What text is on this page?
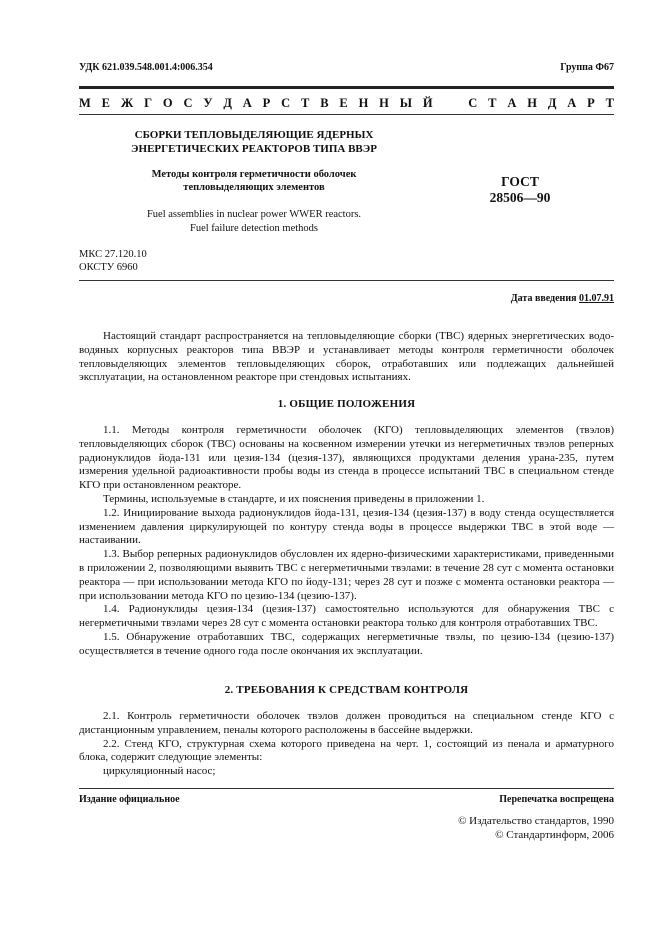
УДК 621.039.548.001.4:006.354	Группа Ф67
М Е Ж Г О С У Д А Р С Т В Е Н Н Ы Й	С Т А Н Д А Р Т
СБОРКИ ТЕПЛОВЫДЕЛЯЮЩИЕ ЯДЕРНЫХ
ЭНЕРГЕТИЧЕСКИХ РЕАКТОРОВ ТИПА ВВЭР
Методы контроля герметичности оболочек
тепловыделяющих элементов
Fuel assemblies in nuclear power WWER reactors.
Fuel failure detection methods
ГОСТ
28506—90
МКС 27.120.10
ОКСТУ 6960
Дата введения 01.07.91

Настоящий стандарт распространяется на тепловыделяющие сборки (ТВС) ядерных энергетических водо-водяных корпусных реакторов типа ВВЭР и устанавливает методы контроля герметичности оболочек тепловыделяющих элементов тепловыделяющих сборок, отработавших или подлежащих дальнейшей эксплуатации, на остановленном реакторе при стендовых испытаниях.

1. ОБЩИЕ ПОЛОЖЕНИЯ

1.1. Методы контроля герметичности оболочек (КГО) тепловыделяющих элементов (твэлов) тепловыделяющих сборок (ТВС) основаны на косвенном измерении утечки из негерметичных твэлов реперных радионуклидов йода-131 или цезия-134 (цезия-137), являющихся продуктами деления урана-235, путем измерения удельной радиоактивности пробы воды из стенда в процессе испытаний ТВС в специальном стенде КГО при остановленном реакторе.

Термины, используемые в стандарте, и их пояснения приведены в приложении 1.

1.2. Инициирование выхода радионуклидов йода-131, цезия-134 (цезия-137) в воду стенда осуществляется изменением давления циркулирующей по контуру стенда воды в процессе выдержки ТВС в этой воде — настаивании.

1.3. Выбор реперных радионуклидов обусловлен их ядерно-физическими характеристиками, приведенными в приложении 2, позволяющими выявить ТВС с негерметичными твэлами: в течение 28 сут с момента остановки реактора — при использовании метода КГО по йоду-131; через 28 сут и позже с момента остановки реактора — при использовании метода КГО по цезию-134 (цезию-137).

1.4. Радионуклиды цезия-134 (цезия-137) самостоятельно используются для обнаружения ТВС с негерметичными твэлами через 28 сут с момента остановки реактора только для контроля отработавших ТВС.

1.5. Обнаружение отработавших ТВС, содержащих негерметичные твэлы, по цезию-134 (цезию-137) осуществляется в течение одного года после окончания их эксплуатации.

2. ТРЕБОВАНИЯ К СРЕДСТВАМ КОНТРОЛЯ

2.1. Контроль герметичности оболочек твэлов должен проводиться на специальном стенде КГО с дистанционным управлением, пеналы которого расположены в бассейне выдержки.

2.2. Стенд КГО, структурная схема которого приведена на черт. 1, состоящий из пенала и арматурного блока, содержит следующие элементы:

циркуляционный насос;

Издание официальное	Перепечатка воспрещена
© Издательство стандартов, 1990
© Стандартинформ, 2006
